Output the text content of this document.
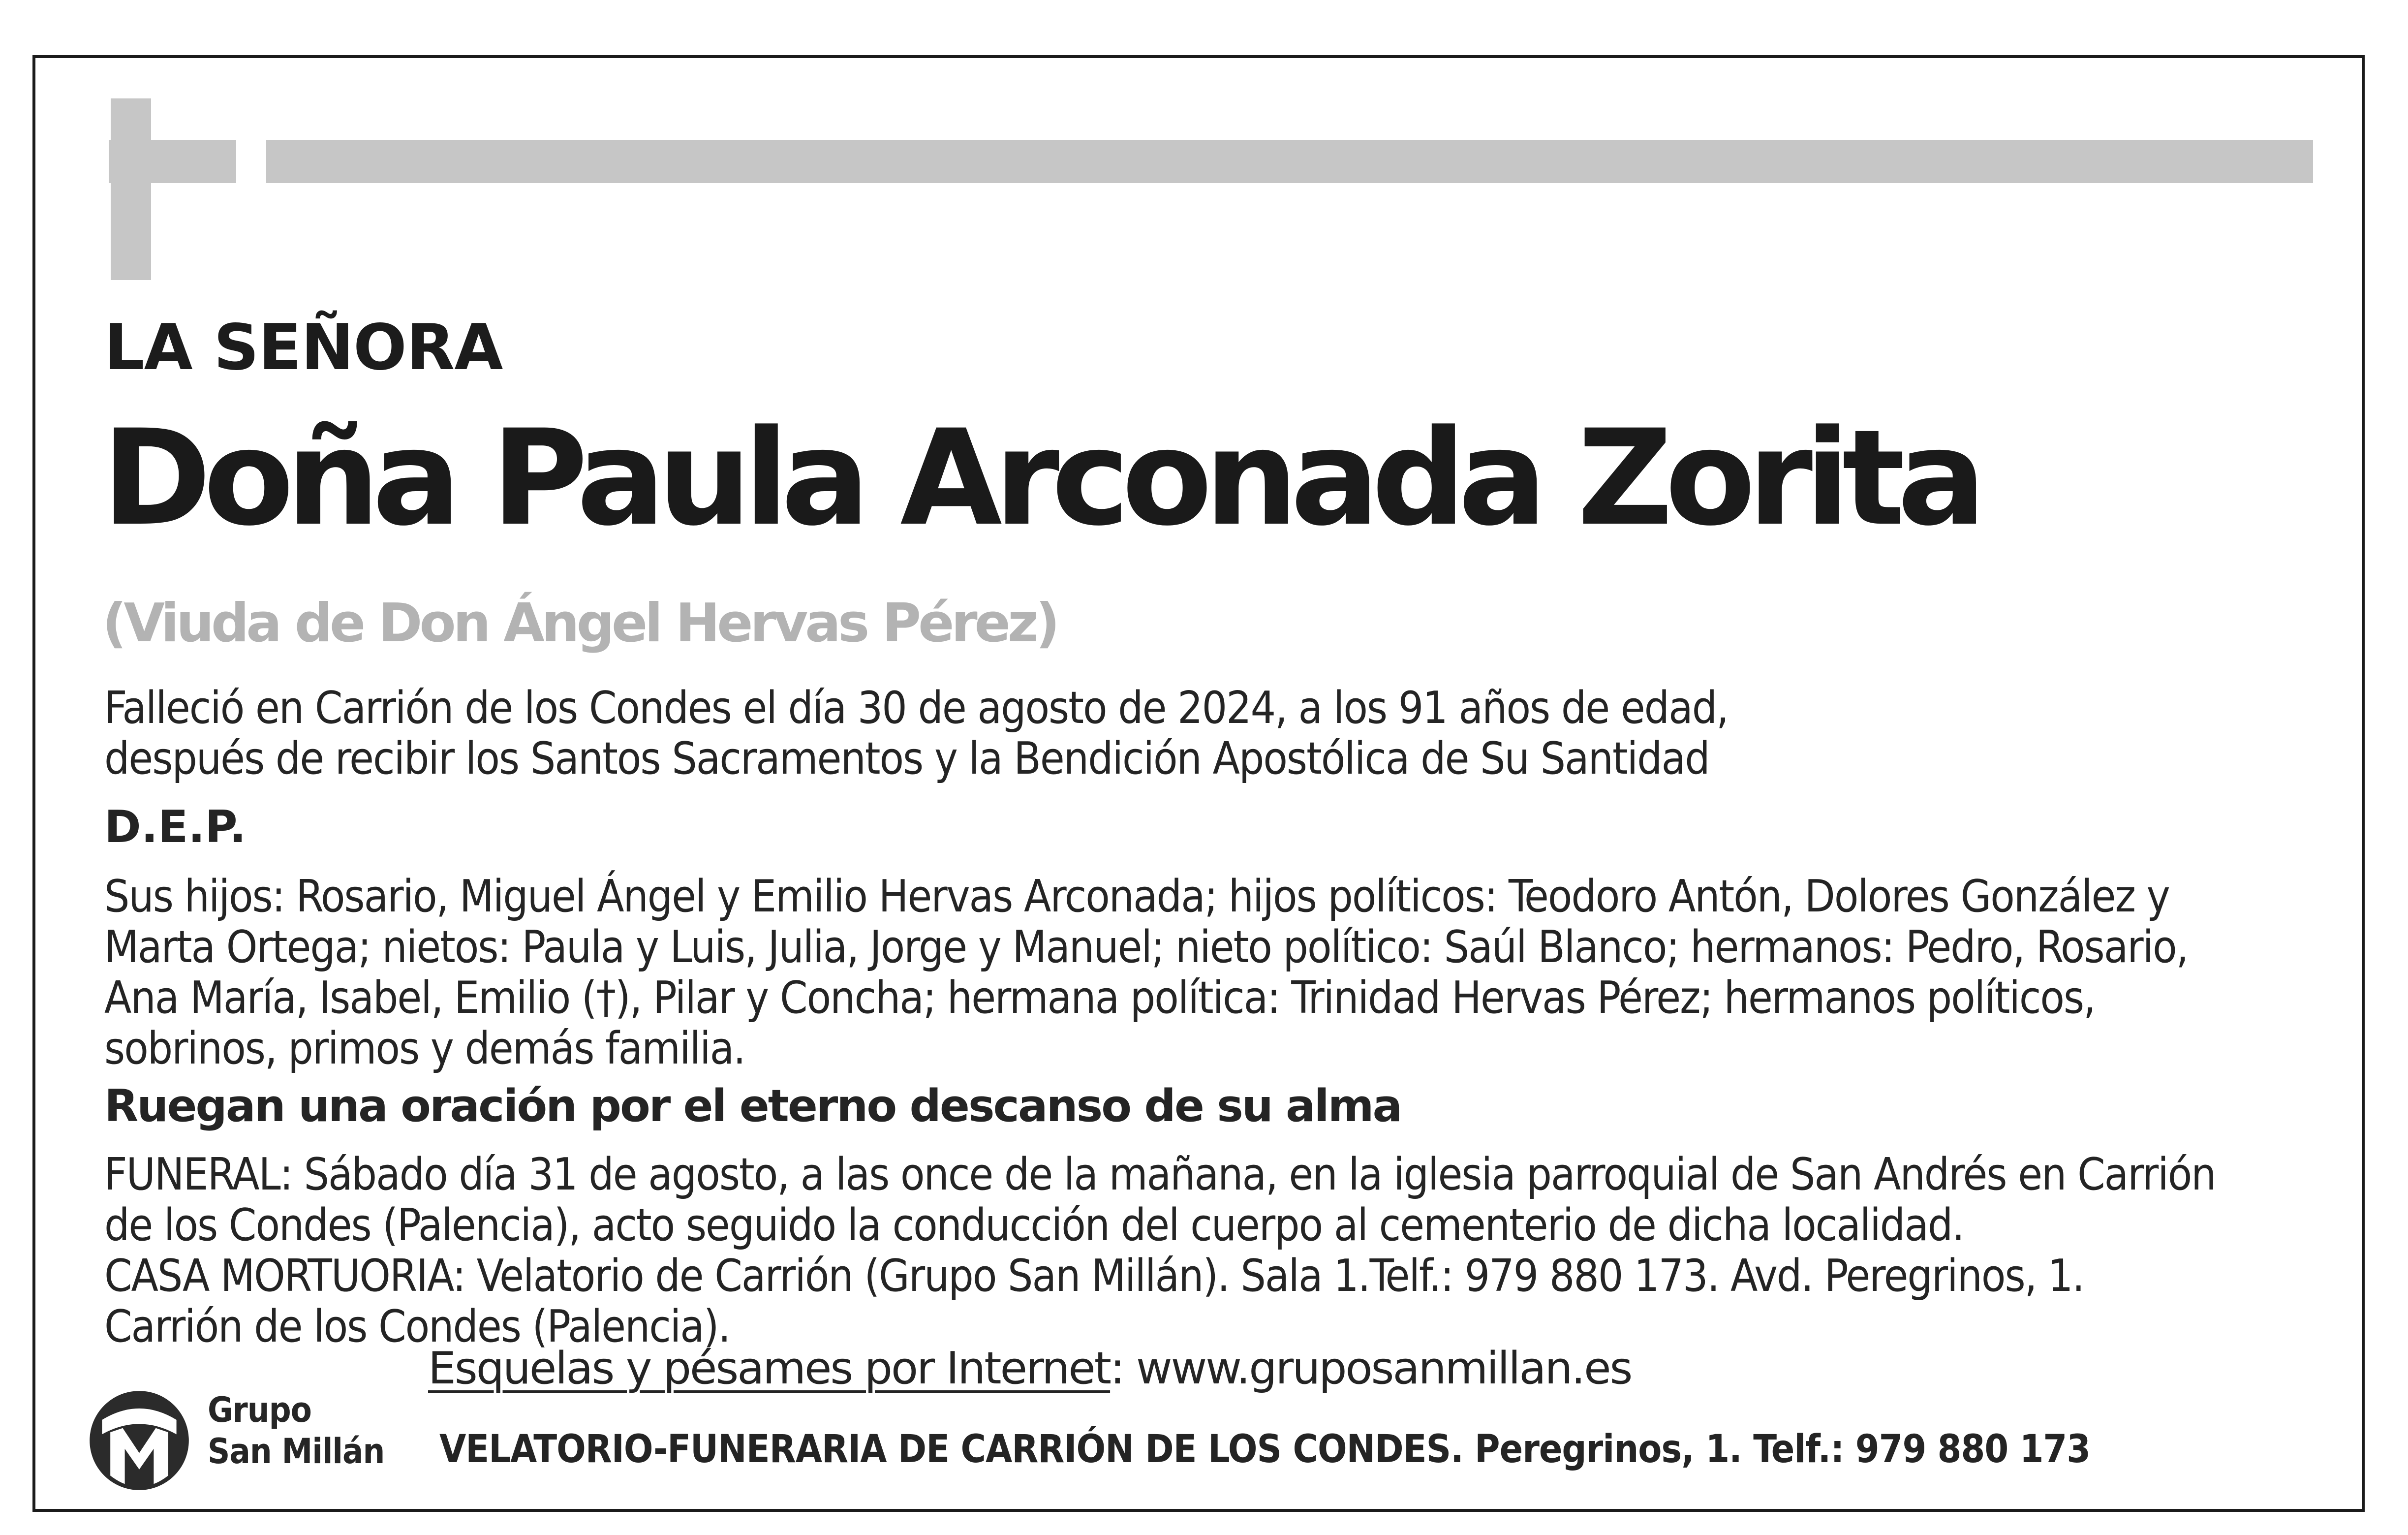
LA SEÑORA
Doña Paula Arconada Zorita
(Viuda de Don Ángel Hervas Pérez)
Falleció en Carrión de los Condes el día 30 de agosto de 2024, a los 91 años de edad,
después de recibir los Santos Sacramentos y la Bendición Apostólica de Su Santidad
D.E.P.
Sus hijos: Rosario, Miguel Ángel y Emilio Hervas Arconada; hijos políticos: Teodoro Antón, Dolores González y
Marta Ortega; nietos: Paula y Luis, Julia, Jorge y Manuel; nieto político: Saúl Blanco; hermanos: Pedro, Rosario,
Ana María, Isabel, Emilio (†), Pilar y Concha; hermana política: Trinidad Hervas Pérez; hermanos políticos,
sobrinos, primos y demás familia.
Ruegan una oración por el eterno descanso de su alma
FUNERAL: Sábado día 31 de agosto, a las once de la mañana, en la iglesia parroquial de San Andrés en Carrión
de los Condes (Palencia), acto seguido la conducción del cuerpo al cementerio de dicha localidad.
CASA MORTUORIA: Velatorio de Carrión (Grupo San Millán). Sala 1.Telf.: 979 880 173. Avd. Peregrinos, 1.
Carrión de los Condes (Palencia).
Esquelas y pésames por Internet: www.gruposanmillan.es
Grupo
San Millán VELATORIO-FUNERARIA DE CARRIÓN DE LOS CONDES. Peregrinos, 1. Telf.: 979 880 173
